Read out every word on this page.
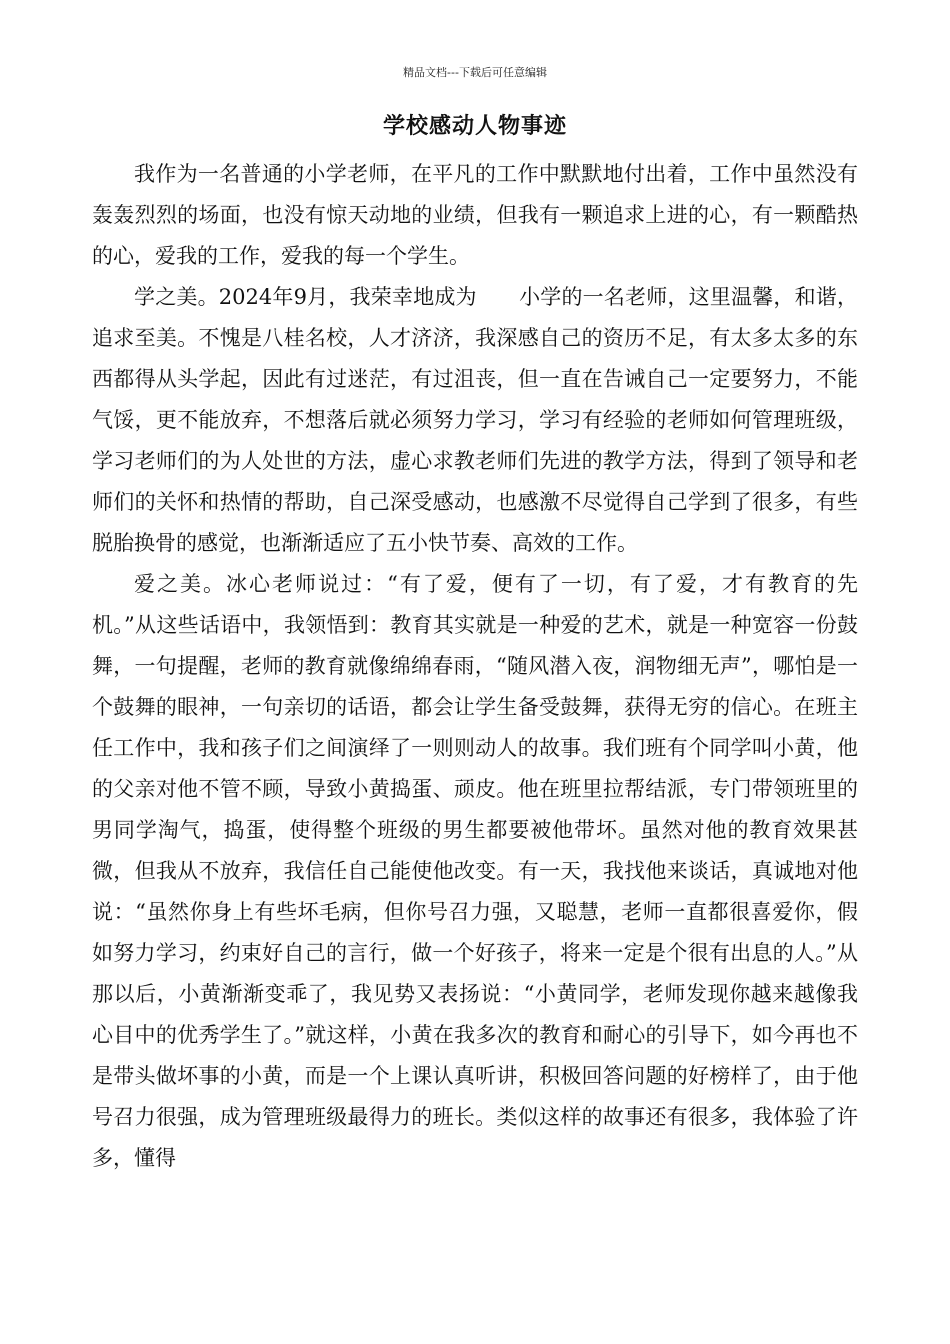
精品文档---下载后可任意编辑
学校感动人物事迹

我作为一名普通的小学老师，在平凡的工作中默默地付出着，工作中虽然没有轰轰烈烈的场面，也没有惊天动地的业绩，但我有一颗追求上进的心，有一颗酷热的心，爱我的工作，爱我的每一个学生。

学之美。2024年9月，我荣幸地成为　　小学的一名老师，这里温馨，和谐，追求至美。不愧是八桂名校，人才济济，我深感自己的资历不足，有太多太多的东西都得从头学起，因此有过迷茫，有过沮丧，但一直在告诫自己一定要努力，不能气馁，更不能放弃，不想落后就必须努力学习，学习有经验的老师如何管理班级，学习老师们的为人处世的方法，虚心求教老师们先进的教学方法，得到了领导和老师们的关怀和热情的帮助，自己深受感动，也感激不尽觉得自己学到了很多，有些脱胎换骨的感觉，也渐渐适应了五小快节奏、高效的工作。

爱之美。冰心老师说过：“有了爱，便有了一切，有了爱，才有教育的先机。”从这些话语中，我领悟到：教育其实就是一种爱的艺术，就是一种宽容一份鼓舞，一句提醒，老师的教育就像绵绵春雨，“随风潜入夜，润物细无声”，哪怕是一个鼓舞的眼神，一句亲切的话语，都会让学生备受鼓舞，获得无穷的信心。在班主任工作中，我和孩子们之间演绎了一则则动人的故事。我们班有个同学叫小黄，他的父亲对他不管不顾，导致小黄捣蛋、顽皮。他在班里拉帮结派，专门带领班里的男同学淘气，捣蛋，使得整个班级的男生都要被他带坏。虽然对他的教育效果甚微，但我从不放弃，我信任自己能使他改变。有一天，我找他来谈话，真诚地对他说：“虽然你身上有些坏毛病，但你号召力强，又聪慧，老师一直都很喜爱你，假如努力学习，约束好自己的言行，做一个好孩子，将来一定是个很有出息的人。”从那以后，小黄渐渐变乖了，我见势又表扬说：“小黄同学，老师发现你越来越像我心目中的优秀学生了。”就这样，小黄在我多次的教育和耐心的引导下，如今再也不是带头做坏事的小黄，而是一个上课认真听讲，积极回答问题的好榜样了，由于他号召力很强，成为管理班级最得力的班长。类似这样的故事还有很多，我体验了许多，懂得
